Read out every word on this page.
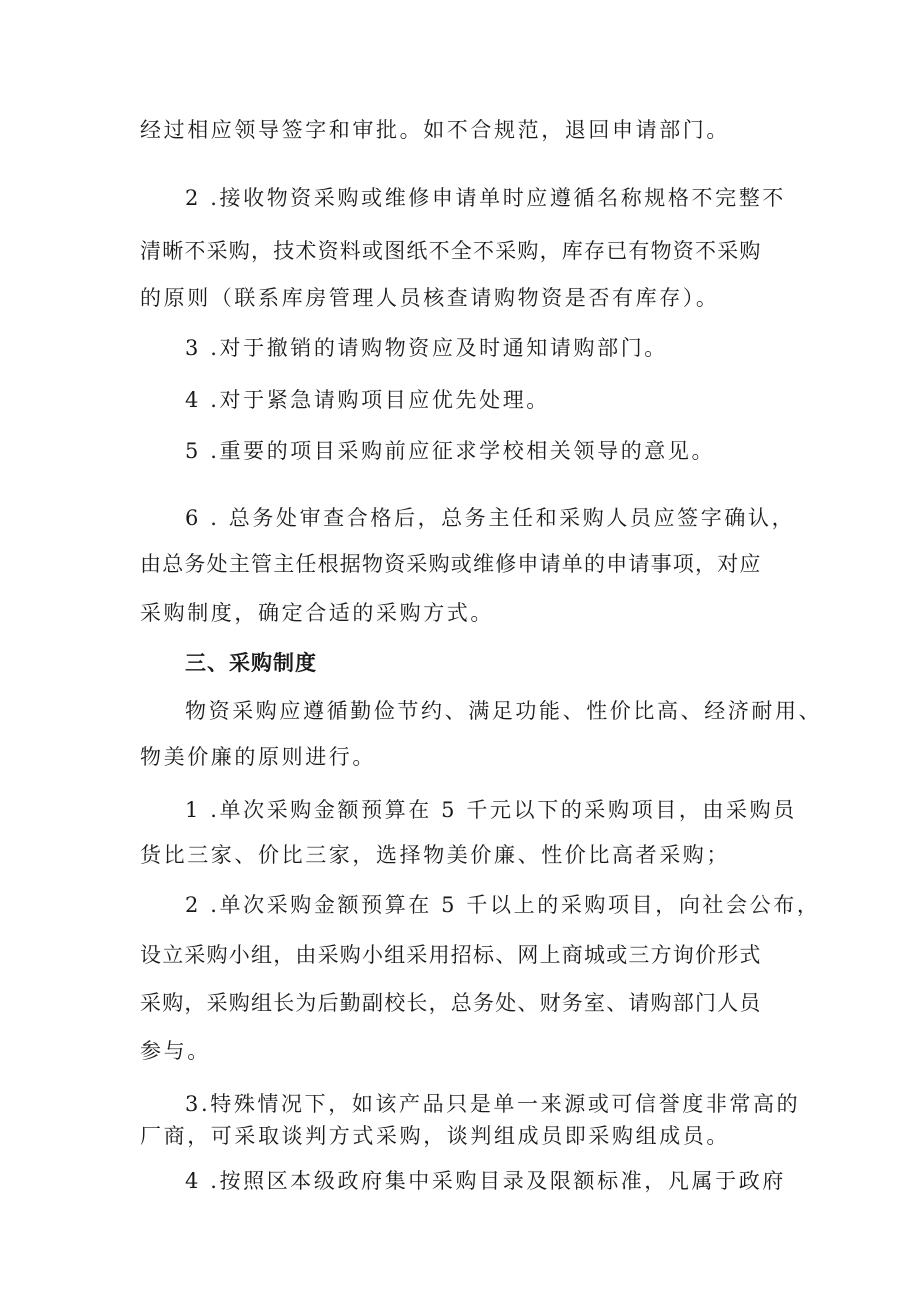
经过相应领导签字和审批。如不合规范，退回申请部门。

2 .接收物资采购或维修申请单时应遵循名称规格不完整不

清晰不采购，技术资料或图纸不全不采购，库存已有物资不采购

的原则（联系库房管理人员核查请购物资是否有库存）。

3 .对于撤销的请购物资应及时通知请购部门。

4 .对于紧急请购项目应优先处理。

5 .重要的项目采购前应征求学校相关领导的意见。

6 . 总务处审查合格后，总务主任和采购人员应签字确认，

由总务处主管主任根据物资采购或维修申请单的申请事项，对应

采购制度，确定合适的采购方式。

三、采购制度

物资采购应遵循勤俭节约、满足功能、性价比高、经济耐用、

物美价廉的原则进行。

1 .单次采购金额预算在 5 千元以下的采购项目，由采购员

货比三家、价比三家，选择物美价廉、性价比高者采购；

2 .单次采购金额预算在 5 千以上的采购项目，向社会公布，

设立采购小组，由采购小组采用招标、网上商城或三方询价形式

采购，采购组长为后勤副校长，总务处、财务室、请购部门人员

参与。

3.特殊情况下，如该产品只是单一来源或可信誉度非常高的

厂商，可采取谈判方式采购，谈判组成员即采购组成员。

4 .按照区本级政府集中采购目录及限额标准，凡属于政府
